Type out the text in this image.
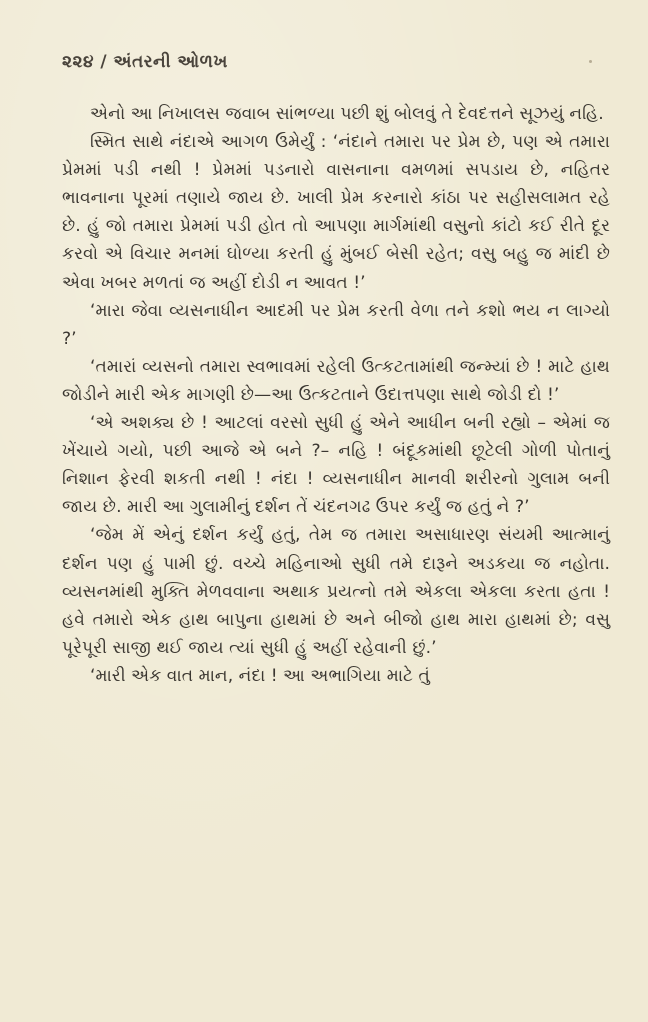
૨૨૪ / અંતરની ઓળખ

એનો આ નિખાલસ જવાબ સાંભળ્યા પછી શું બોલવું તે દેવદત્તને સૂઝયું નહિ.

સ્મિત સાથે નંદાએ આગળ ઉમેર્યું : ‘નંદાને તમારા પર પ્રેમ છે, પણ એ તમારા પ્રેમમાં પડી નથી ! પ્રેમમાં પડનારો વાસનાના વમળમાં સપડાય છે, નહિતર ભાવનાના પૂરમાં તણાયે જાય છે. ખાલી પ્રેમ કરનારો કાંઠા પર સહીસલામત રહે છે. હું જો તમારા પ્રેમમાં પડી હોત તો આપણા માર્ગમાંથી વસુનો કાંટો કઈ રીતે દૂર કરવો એ વિચાર મનમાં ઘોળ્યા કરતી હું મુંબઈ બેસી રહેત; વસુ બહુ જ માંદી છે એવા ખબર મળતાં જ અહીં દોડી ન આવત !’

‘મારા જેવા વ્યસનાધીન આદમી પર પ્રેમ કરતી વેળા તને કશો ભય ન લાગ્યો ?’

‘તમારાં વ્યસનો તમારા સ્વભાવમાં રહેલી ઉત્કટતામાંથી જન્મ્યાં છે ! માટે હાથ જોડીને મારી એક માગણી છે—આ ઉત્કટતાને ઉદાત્તપણા સાથે જોડી દો !’

‘એ અશક્ય છે ! આટલાં વરસો સુધી હું એને આધીન બની રહ્યો – એમાં જ ખેંચાયે ગયો, પછી આજે એ બને ?– નહિ ! બંદૂકમાંથી છૂટેલી ગોળી પોતાનું નિશાન ફેરવી શકતી નથી ! નંદા ! વ્યસનાધીન માનવી શરીરનો ગુલામ બની જાય છે. મારી આ ગુલામીનું દર્શન તેં ચંદનગઢ ઉપર કર્યું જ હતું ને ?’

‘જેમ મેં એનું દર્શન કર્યું હતું, તેમ જ તમારા અસાધારણ સંયમી આત્માનું દર્શન પણ હું પામી છું. વચ્ચે મહિનાઓ સુધી તમે દારૂને અડકયા જ નહોતા. વ્યસનમાંથી મુક્તિ મેળવવાના અથાક પ્રયત્નો તમે એકલા એકલા કરતા હતા ! હવે તમારો એક હાથ બાપુના હાથમાં છે અને બીજો હાથ મારા હાથમાં છે; વસુ પૂરેપૂરી સાજી થઈ જાય ત્યાં સુધી હું અહીં રહેવાની છું.’

‘મારી એક વાત માન, નંદા ! આ અભાગિયા માટે તું
